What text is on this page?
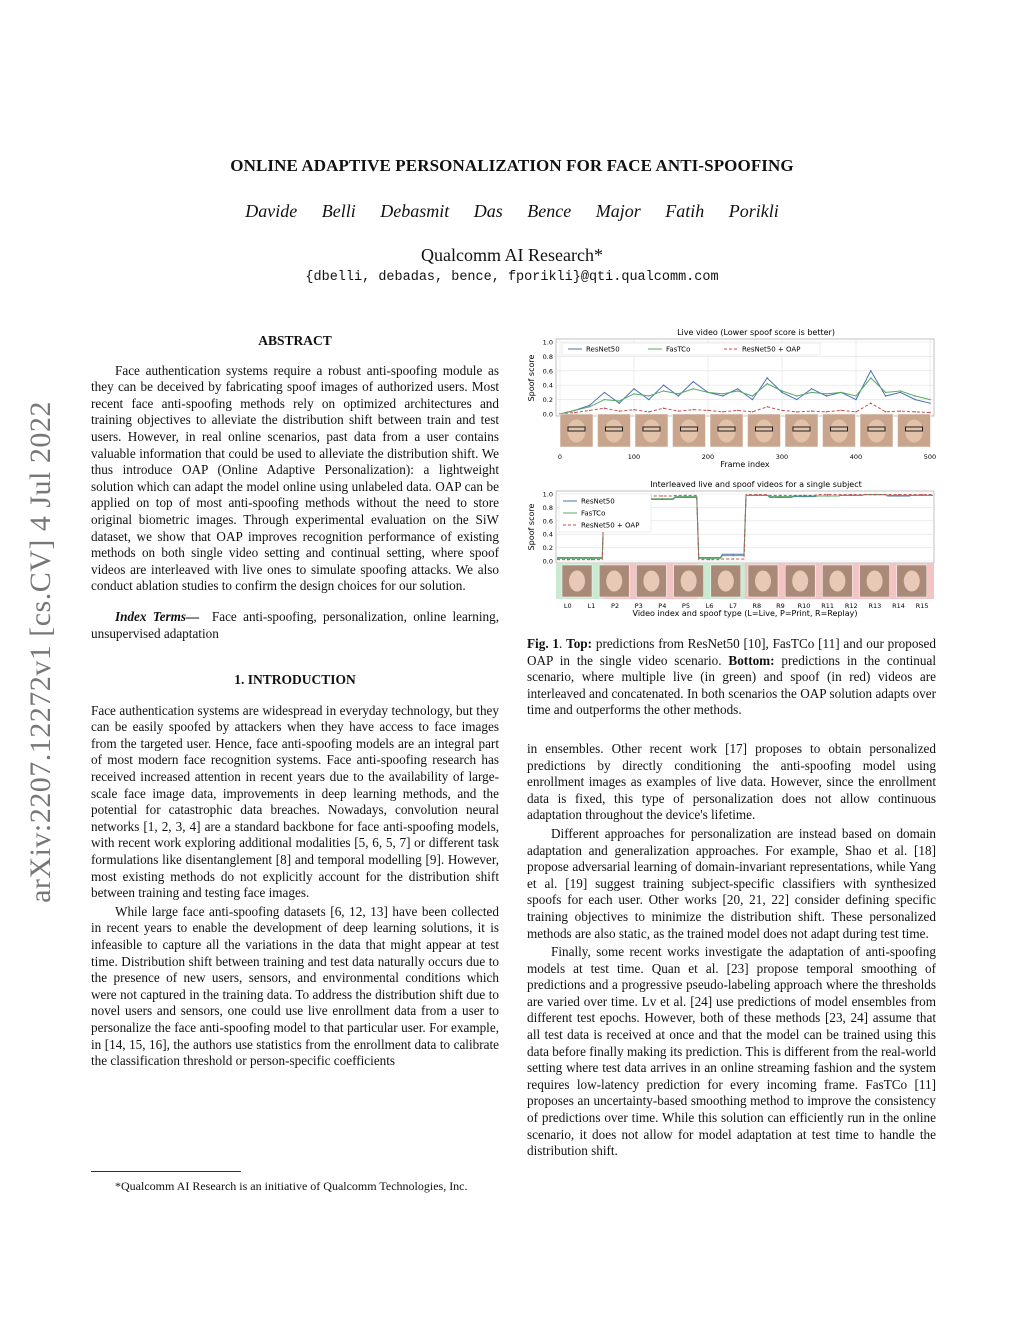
arXiv:2207.12272v1 [cs.CV] 4 Jul 2022
ONLINE ADAPTIVE PERSONALIZATION FOR FACE ANTI-SPOOFING
Davide Belli Debasmit Das Bence Major Fatih Porikli
Qualcomm AI Research*
{dbelli, debadas, bence, fporikli}@qti.qualcomm.com
ABSTRACT

Face authentication systems require a robust anti-spoofing module as they can be deceived by fabricating spoof images of authorized users. Most recent face anti-spoofing methods rely on optimized architectures and training objectives to alleviate the distribution shift between train and test users. However, in real online scenarios, past data from a user contains valuable information that could be used to alleviate the distribution shift. We thus introduce OAP (Online Adaptive Personalization): a lightweight solution which can adapt the model online using unlabeled data. OAP can be applied on top of most anti-spoofing methods without the need to store original biometric images. Through experimental evaluation on the SiW dataset, we show that OAP improves recognition performance of existing methods on both single video setting and continual setting, where spoof videos are interleaved with live ones to simulate spoofing attacks. We also conduct ablation studies to confirm the design choices for our solution.

Index Terms— Face anti-spoofing, personalization, online learning, unsupervised adaptation

1. INTRODUCTION

Face authentication systems are widespread in everyday technology, but they can be easily spoofed by attackers when they have access to face images from the targeted user. Hence, face anti-spoofing models are an integral part of most modern face recognition systems. Face anti-spoofing research has received increased attention in recent years due to the availability of large-scale face image data, improvements in deep learning methods, and the potential for catastrophic data breaches. Nowadays, convolution neural networks [1, 2, 3, 4] are a standard backbone for face anti-spoofing models, with recent work exploring additional modalities [5, 6, 5, 7] or different task formulations like disentanglement [8] and temporal modelling [9]. However, most existing methods do not explicitly account for the distribution shift between training and testing face images.

While large face anti-spoofing datasets [6, 12, 13] have been collected in recent years to enable the development of deep learning solutions, it is infeasible to capture all the variations in the data that might appear at test time. Distribution shift between training and test data naturally occurs due to the presence of new users, sensors, and environmental conditions which were not captured in the training data. To address the distribution shift due to novel users and sensors, one could use live enrollment data from a user to personalize the face anti-spoofing model to that particular user. For example, in [14, 15, 16], the authors use statistics from the enrollment data to calibrate the classification threshold or person-specific coefficients

*Qualcomm AI Research is an initiative of Qualcomm Technologies, Inc.

Live video (Lower spoof score is better)
0.0
0.2
0.4
0.6
0.8
1.0
0	100	200	300	400	500
ResNet50	FasTCo	ResNet50 + OAP
Spoof score
Frame index
Interleaved live and spoof videos for a single subject
0.0
0.2
0.4
0.6
0.8
1.0
ResNet50
FasTCo
ResNet50 + OAP
Spoof score
L0 L1 P2 P3 P4 P5 L6 L7 R8 R9 R10 R11 R12 R13 R14 R15
Video index and spoof type (L=Live, P=Print, R=Replay)

Fig. 1. Top: predictions from ResNet50 [10], FasTCo [11] and our proposed OAP in the single video scenario. Bottom: predictions in the continual scenario, where multiple live (in green) and spoof (in red) videos are interleaved and concatenated. In both scenarios the OAP solution adapts over time and outperforms the other methods.

in ensembles. Other recent work [17] proposes to obtain personalized predictions by directly conditioning the anti-spoofing model using enrollment images as examples of live data. However, since the enrollment data is fixed, this type of personalization does not allow continuous adaptation throughout the device's lifetime.

Different approaches for personalization are instead based on domain adaptation and generalization approaches. For example, Shao et al. [18] propose adversarial learning of domain-invariant representations, while Yang et al. [19] suggest training subject-specific classifiers with synthesized spoofs for each user. Other works [20, 21, 22] consider defining specific training objectives to minimize the distribution shift. These personalized methods are also static, as the trained model does not adapt during test time.

Finally, some recent works investigate the adaptation of anti-spoofing models at test time. Quan et al. [23] propose temporal smoothing of predictions and a progressive pseudo-labeling approach where the thresholds are varied over time. Lv et al. [24] use predictions of model ensembles from different test epochs. However, both of these methods [23, 24] assume that all test data is received at once and that the model can be trained using this data before finally making its prediction. This is different from the real-world setting where test data arrives in an online streaming fashion and the system requires low-latency prediction for every incoming frame. FasTCo [11] proposes an uncertainty-based smoothing method to improve the consistency of predictions over time. While this solution can efficiently run in the online scenario, it does not allow for model adaptation at test time to handle the distribution shift.
